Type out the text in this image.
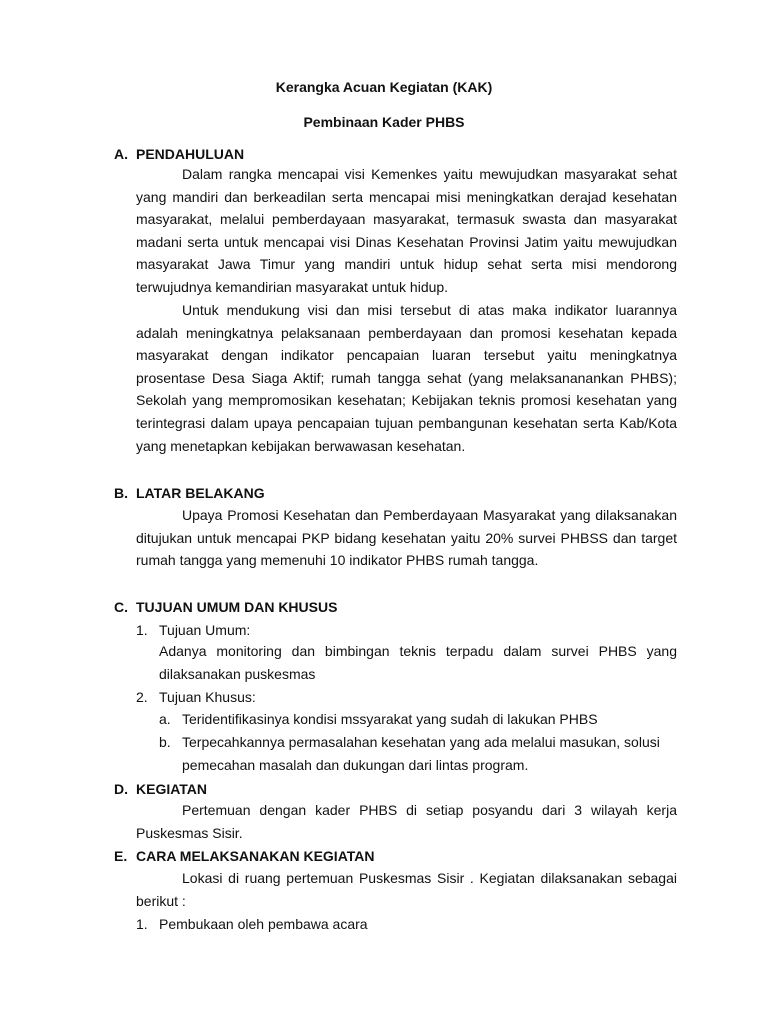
Kerangka Acuan Kegiatan (KAK)
Pembinaan Kader PHBS
A. PENDAHULUAN

Dalam rangka mencapai visi Kemenkes yaitu mewujudkan masyarakat sehat yang mandiri dan berkeadilan serta mencapai misi meningkatkan derajad kesehatan masyarakat, melalui pemberdayaan masyarakat, termasuk swasta dan masyarakat madani serta untuk mencapai visi Dinas Kesehatan Provinsi Jatim yaitu mewujudkan masyarakat Jawa Timur yang mandiri untuk hidup sehat serta misi mendorong terwujudnya kemandirian masyarakat untuk hidup.

Untuk mendukung visi dan misi tersebut di atas maka indikator luarannya adalah meningkatnya pelaksanaan pemberdayaan dan promosi kesehatan kepada masyarakat dengan indikator pencapaian luaran tersebut yaitu meningkatnya prosentase Desa Siaga Aktif; rumah tangga sehat (yang melaksananankan PHBS); Sekolah yang mempromosikan kesehatan; Kebijakan teknis promosi kesehatan yang terintegrasi dalam upaya pencapaian tujuan pembangunan kesehatan serta Kab/Kota yang menetapkan kebijakan berwawasan kesehatan.

B. LATAR BELAKANG

Upaya Promosi Kesehatan dan Pemberdayaan Masyarakat yang dilaksanakan ditujukan untuk mencapai PKP bidang kesehatan yaitu 20% survei PHBSS dan target rumah tangga yang memenuhi 10 indikator PHBS rumah tangga.

C. TUJUAN UMUM DAN KHUSUS
1. Tujuan Umum:

Adanya monitoring dan bimbingan teknis terpadu dalam survei PHBS yang dilaksanakan puskesmas

2. Tujuan Khusus:
a. Teridentifikasinya kondisi mssyarakat yang sudah di lakukan PHBS
b. Terpecahkannya permasalahan kesehatan yang ada melalui masukan, solusi pemecahan masalah dan dukungan dari lintas program.
D. KEGIATAN

Pertemuan dengan kader PHBS di setiap posyandu dari 3 wilayah kerja Puskesmas Sisir.

E. CARA MELAKSANAKAN KEGIATAN

Lokasi di ruang pertemuan Puskesmas Sisir . Kegiatan dilaksanakan sebagai berikut :

1. Pembukaan oleh pembawa acara
